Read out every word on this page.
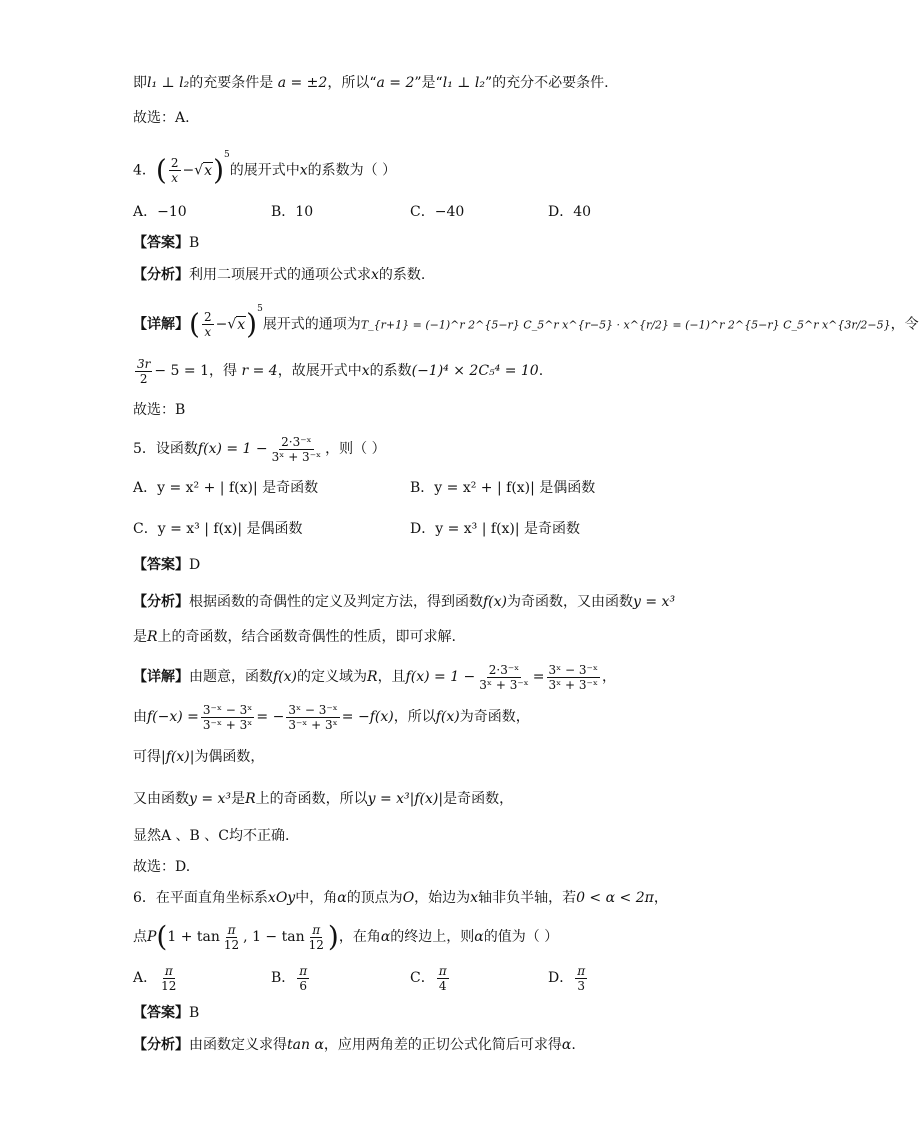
即l₁ ⊥ l₂的充要条件是 a = ±2，所以“a = 2”是“l₁ ⊥ l₂”的充分不必要条件.
故选：A.
4．( $\frac{2}{x} -√x)^5$的展开式中x的系数为（ ）
A．−10	B．10	C．−40	D．40
【答案】B
【分析】利用二项展开式的通项公式求x的系数.
【详解】( $\frac{2}{x} -√x)^5$展开式的通项为T_{r+1} = (−1)^r 2^{5−r} C_5^r x^{r−5} · x^{r/2} = (−1)^r 2^{5−r} C_5^r x^{3r/2−5}，令
$\frac{3r}{2} - 5 = 1$，得 r = 4，故展开式中x的系数(−1)⁴ × 2C₅⁴ = 10.
故选：B
5．设函数$f(x) = 1 - \frac{\text{2·3⁻ˣ}}{\text{3ˣ + 3⁻ˣ}}$ ，则（ ）
A．y = x² + | f(x)| 是奇函数	B．y = x² + | f(x)| 是偶函数
C．y = x³ | f(x)| 是偶函数	D．y = x³ | f(x)| 是奇函数
【答案】D
【分析】根据函数的奇偶性的定义及判定方法，得到函数f(x)为奇函数，又由函数y = x³
是R上的奇函数，结合函数奇偶性的性质，即可求解.
【详解】由题意，函数f(x)的定义域为R，且$f(x) = 1 - \frac{\text{2·3⁻ˣ}}{\text{3ˣ + 3⁻ˣ}} = \frac{\text{3ˣ − 3⁻ˣ}}{\text{3ˣ + 3⁻ˣ}}$ ，
由$f(-x) = \frac{\text{3⁻ˣ − 3ˣ}}{\text{3⁻ˣ + 3ˣ}}$ = − $\frac{\text{3ˣ − 3⁻ˣ}}{\text{3⁻ˣ + 3ˣ}} = -f(x)$，所以f(x)为奇函数，
可得|f(x)|为偶函数，
又由函数y = x³是R上的奇函数，所以y = x³|f(x)|是奇函数，
显然A 、B 、C均不正确.
故选：D.
6．在平面直角坐标系xOy中，角α的顶点为O，始边为x轴非负半轴，若0 < α < 2π，
点$P(1 + \tan \frac{\pi}{12}$ , $1 - \tan \frac{\pi}{12}$ )，在角α的终边上，则α的值为（ ）
A． $\frac{\pi}{12}$	B． $\frac{\pi}{6}$	C． $\frac{\pi}{4}$	D． $\frac{\pi}{3}$
【答案】B
【分析】由函数定义求得tan α，应用两角差的正切公式化简后可求得α.
